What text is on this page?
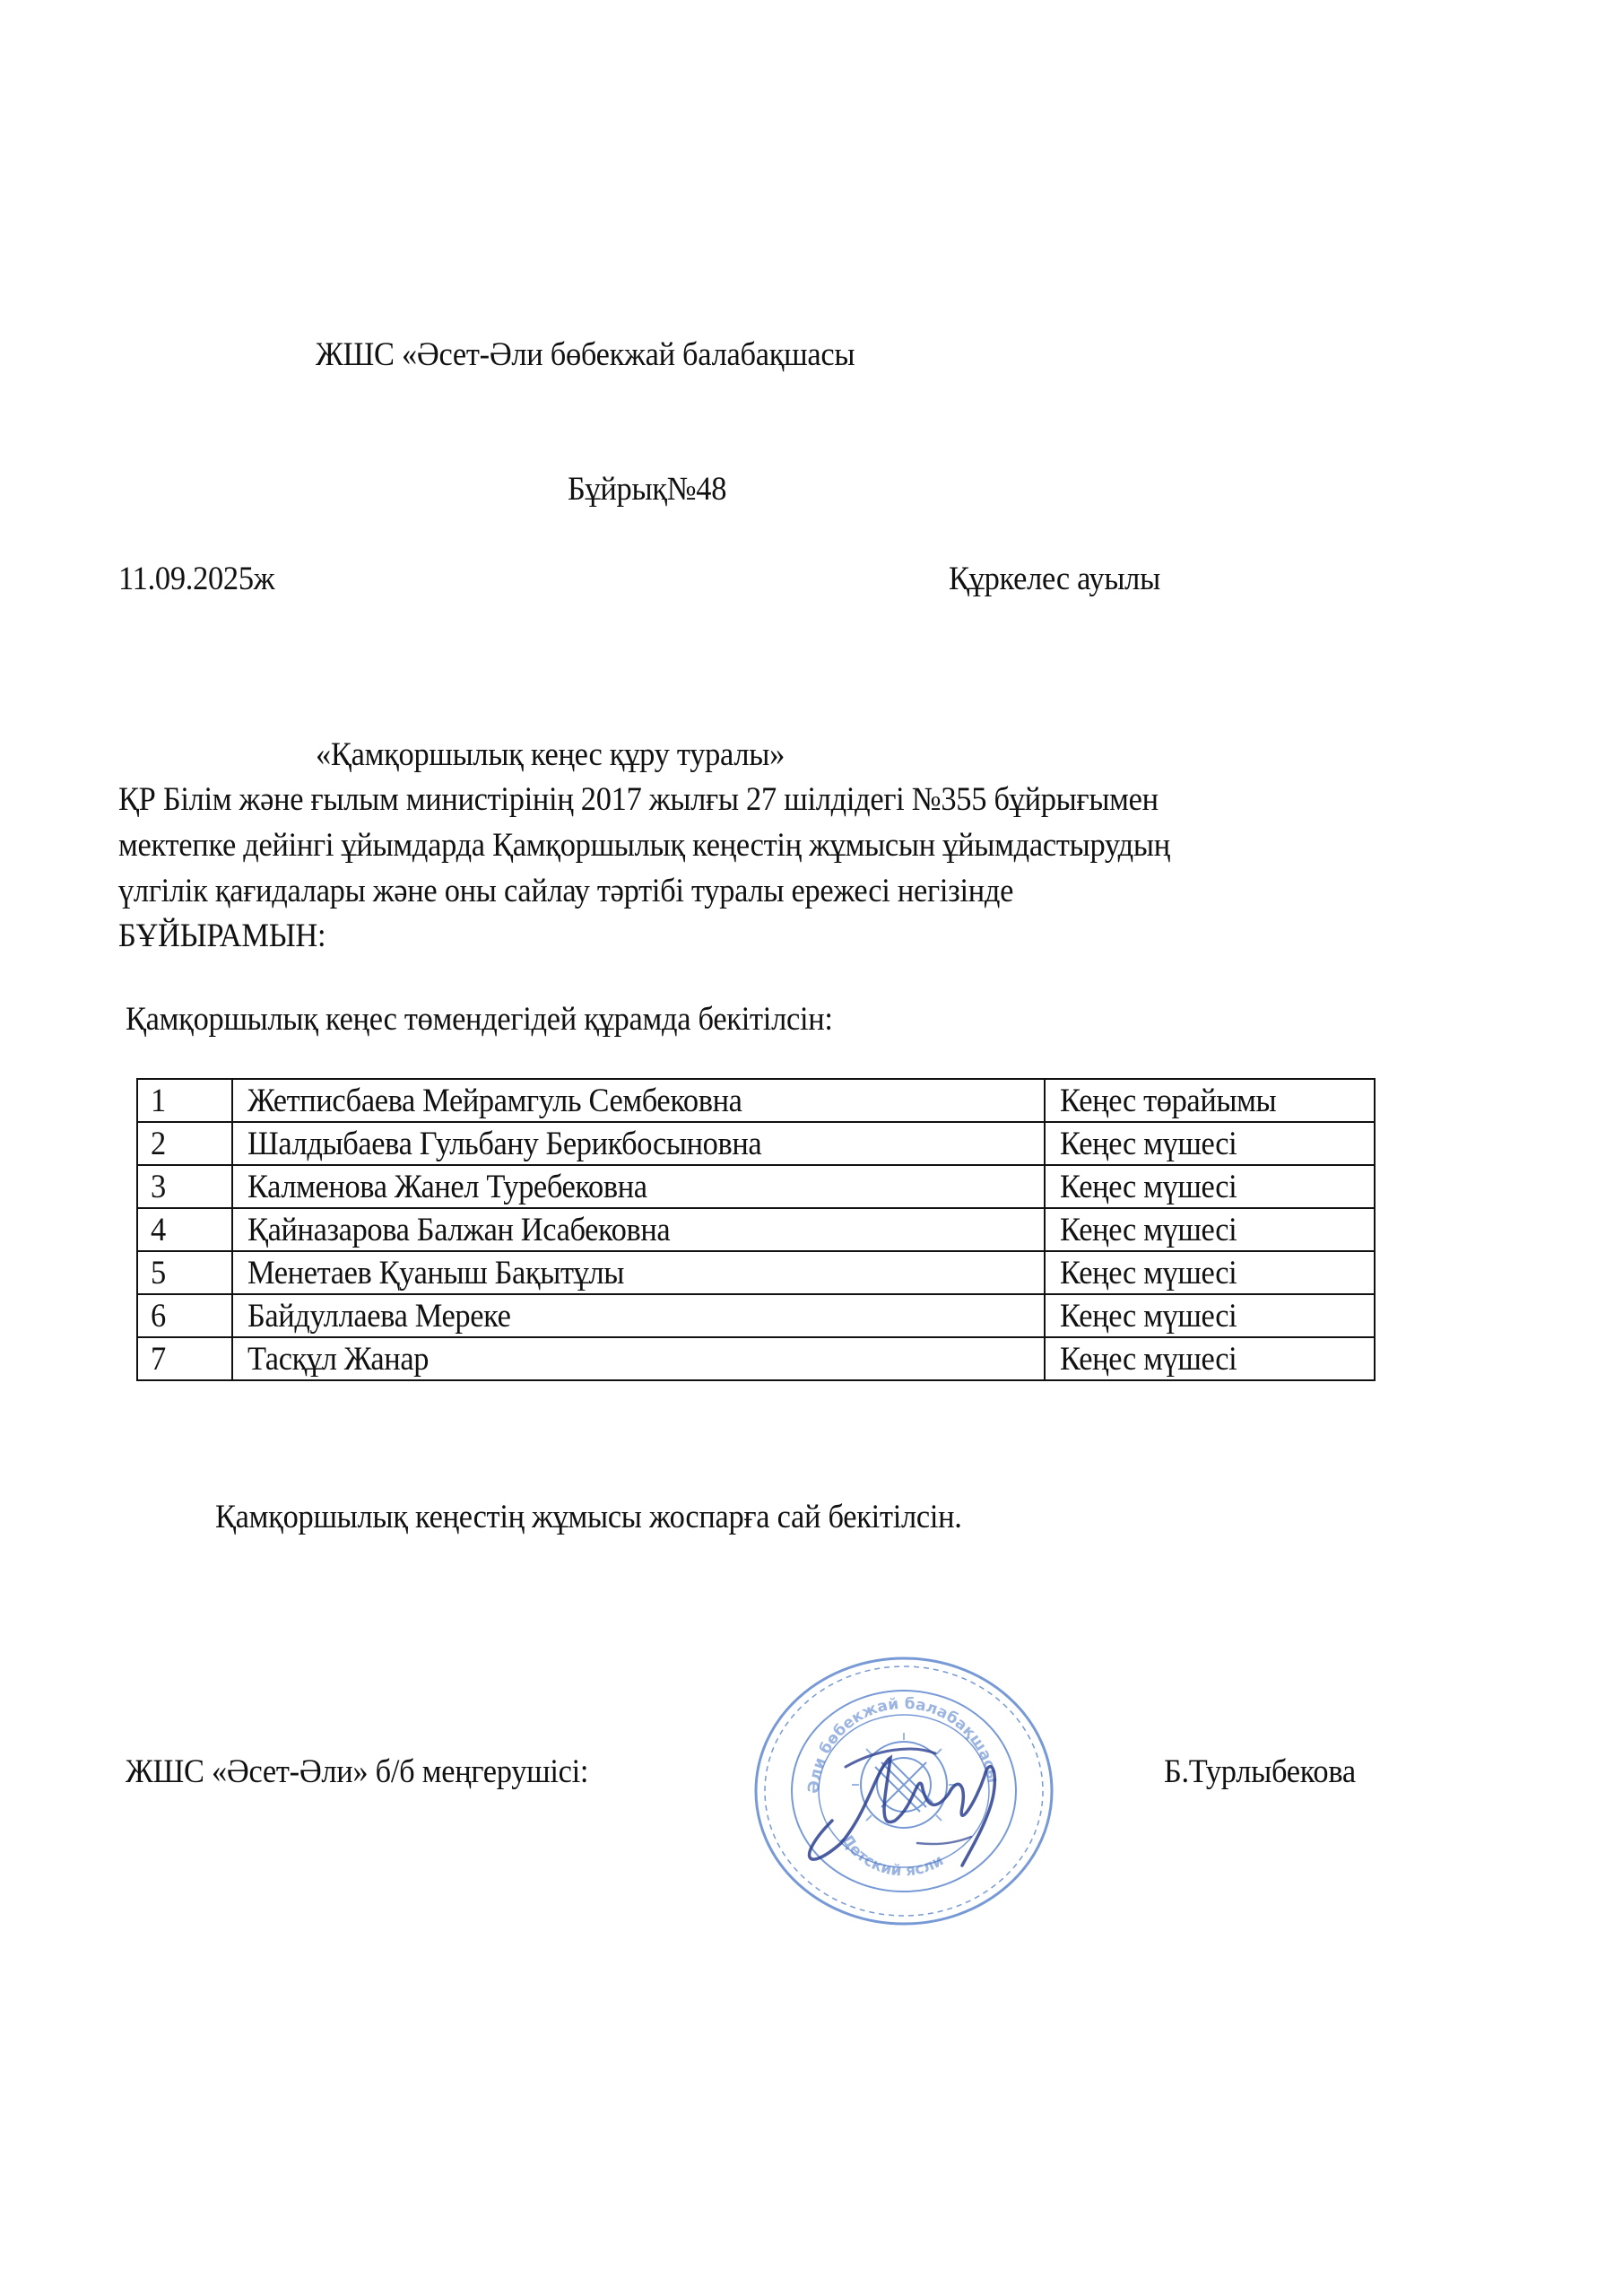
ЖШС «Әсет-Әли бөбекжай балабақшасы
Бұйрық№48
11.09.2025ж	Құркелес ауылы
«Қамқоршылық кеңес құру туралы»
ҚР Білім және ғылым министірінің 2017 жылғы 27 шілдідегі №355 бұйрығымен
мектепке дейінгі ұйымдарда Қамқоршылық кеңестің жұмысын ұйымдастырудың
үлгілік қағидалары және оны сайлау тәртібі туралы ережесі негізінде
БҰЙЫРАМЫН:
Қамқоршылық кеңес төмендегідей құрамда бекітілсін:
1	Жетписбаева Мейрамгуль Сембековна	Кеңес төрайымы
2	Шалдыбаева Гульбану Берикбосыновна	Кеңес мүшесі
3	Калменова Жанел Туребековна	Кеңес мүшесі
4	Қайназарова Балжан Исабековна	Кеңес мүшесі
5	Менетаев Қуаныш Бақытұлы	Кеңес мүшесі
6	Байдуллаева Мереке	Кеңес мүшесі
7	Тасқұл Жанар	Кеңес мүшесі
Қамқоршылық кеңестің жұмысы жоспарға сай бекітілсін.
ЖШС «Әсет-Әли» б/б меңгерушісі:	Әли бөбекжай балабақшасы
Детский ясли
Б.Турлыбекова
